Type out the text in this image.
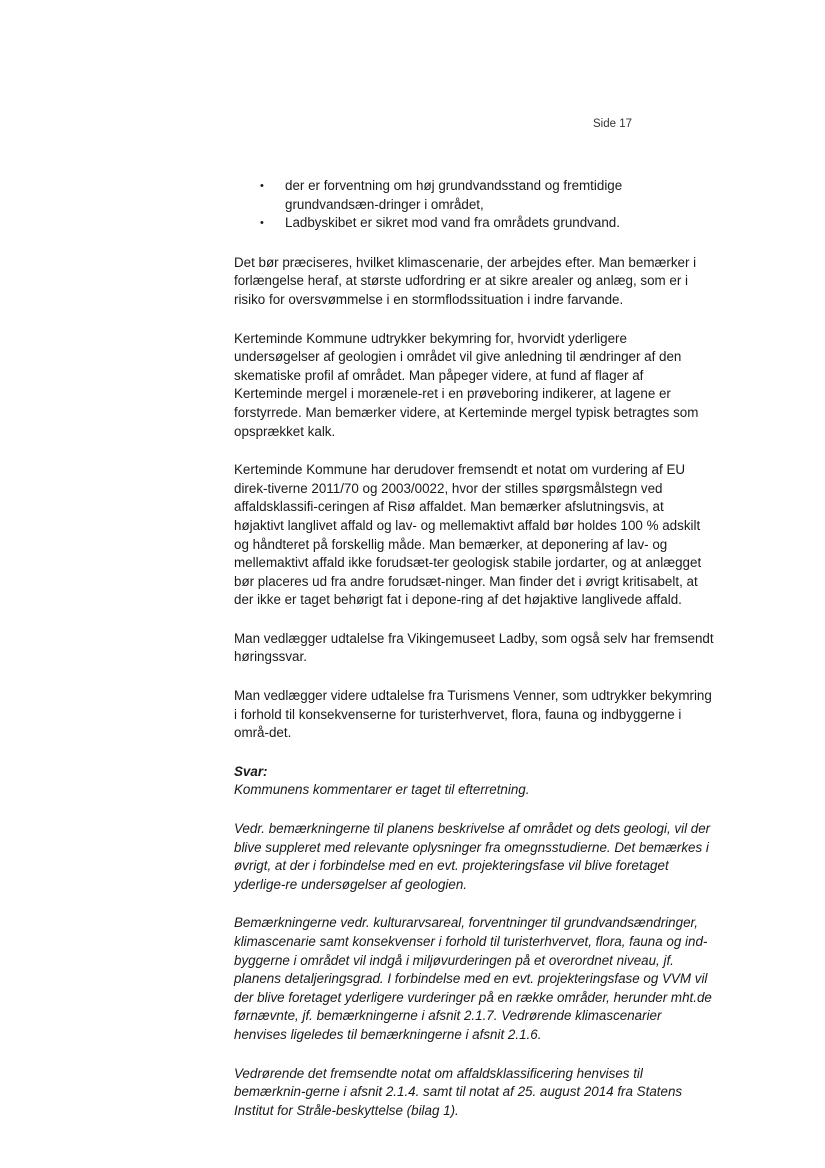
Side 17
• der er forventning om høj grundvandsstand og fremtidige grundvandsæn-dringer i området,
• Ladbyskibet er sikret mod vand fra områdets grundvand.

Det bør præciseres, hvilket klimascenarie, der arbejdes efter. Man bemærker i forlængelse heraf, at største udfordring er at sikre arealer og anlæg, som er i risiko for oversvømmelse i en stormflodssituation i indre farvande.

Kerteminde Kommune udtrykker bekymring for, hvorvidt yderligere undersøgelser af geologien i området vil give anledning til ændringer af den skematiske profil af området. Man påpeger videre, at fund af flager af Kerteminde mergel i morænele-ret i en prøveboring indikerer, at lagene er forstyrrede. Man bemærker videre, at Kerteminde mergel typisk betragtes som opsprækket kalk.

Kerteminde Kommune har derudover fremsendt et notat om vurdering af EU direk-tiverne 2011/70 og 2003/0022, hvor der stilles spørgsmålstegn ved affaldsklassifi-ceringen af Risø affaldet. Man bemærker afslutningsvis, at højaktivt langlivet affald og lav- og mellemaktivt affald bør holdes 100 % adskilt og håndteret på forskellig måde. Man bemærker, at deponering af lav- og mellemaktivt affald ikke forudsæt-ter geologisk stabile jordarter, og at anlægget bør placeres ud fra andre forudsæt-ninger. Man finder det i øvrigt kritisabelt, at der ikke er taget behørigt fat i depone-ring af det højaktive langlivede affald.

Man vedlægger udtalelse fra Vikingemuseet Ladby, som også selv har fremsendt høringssvar.

Man vedlægger videre udtalelse fra Turismens Venner, som udtrykker bekymring i forhold til konsekvenserne for turisterhvervet, flora, fauna og indbyggerne i områ-det.

Svar:
Kommunens kommentarer er taget til efterretning.

Vedr. bemærkningerne til planens beskrivelse af området og dets geologi, vil der blive suppleret med relevante oplysninger fra omegnsstudierne. Det bemærkes i øvrigt, at der i forbindelse med en evt. projekteringsfase vil blive foretaget yderlige-re undersøgelser af geologien.

Bemærkningerne vedr. kulturarvsareal, forventninger til grundvandsændringer, klimascenarie samt konsekvenser i forhold til turisterhvervet, flora, fauna og ind-byggerne i området vil indgå i miljøvurderingen på et overordnet niveau, jf. planens detaljeringsgrad. I forbindelse med en evt. projekteringsfase og VVM vil der blive foretaget yderligere vurderinger på en række områder, herunder mht.de førnævnte, jf. bemærkningerne i afsnit 2.1.7. Vedrørende klimascenarier henvises ligeledes til bemærkningerne i afsnit 2.1.6.

Vedrørende det fremsendte notat om affaldsklassificering henvises til bemærknin-gerne i afsnit 2.1.4. samt til notat af 25. august 2014 fra Statens Institut for Stråle-beskyttelse (bilag 1).
